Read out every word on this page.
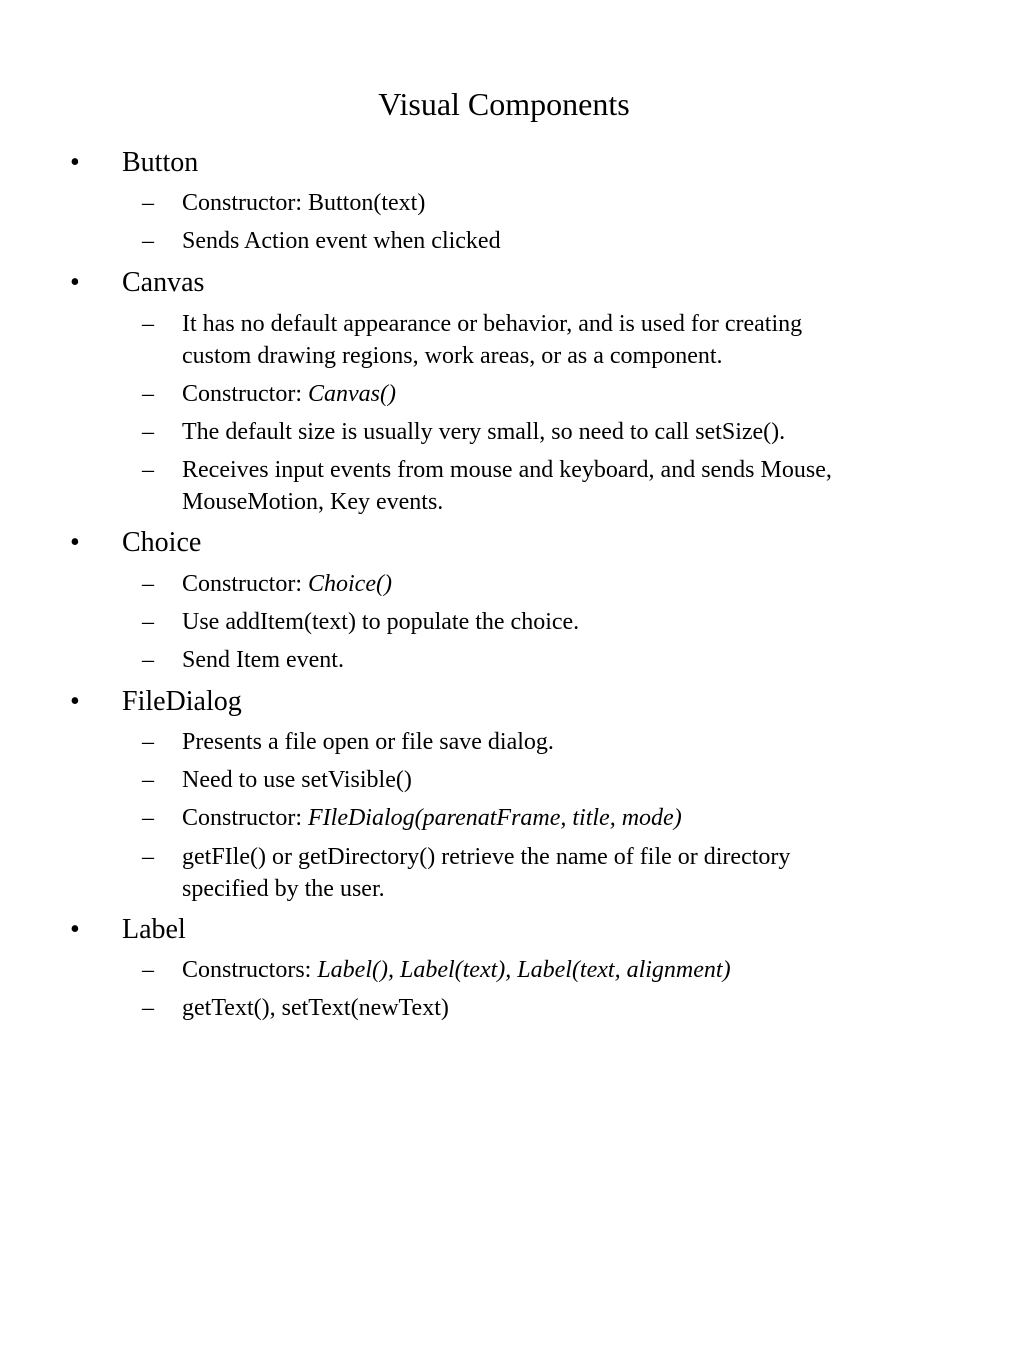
Visual Components
• Button
– Constructor: Button(text)
– Sends Action event when clicked
• Canvas
– It has no default appearance or behavior, and is used for creating
custom drawing regions, work areas, or as a component.
– Constructor: Canvas()
– The default size is usually very small, so need to call setSize().
– Receives input events from mouse and keyboard, and sends Mouse,
MouseMotion, Key events.
• Choice
– Constructor: Choice()
– Use addItem(text) to populate the choice.
– Send Item event.
• FileDialog
– Presents a file open or file save dialog.
– Need to use setVisible()
– Constructor: FIleDialog(parenatFrame, title, mode)
– getFIle() or getDirectory() retrieve the name of file or directory
specified by the user.
• Label
– Constructors: Label(), Label(text), Label(text, alignment)
– getText(), setText(newText)
